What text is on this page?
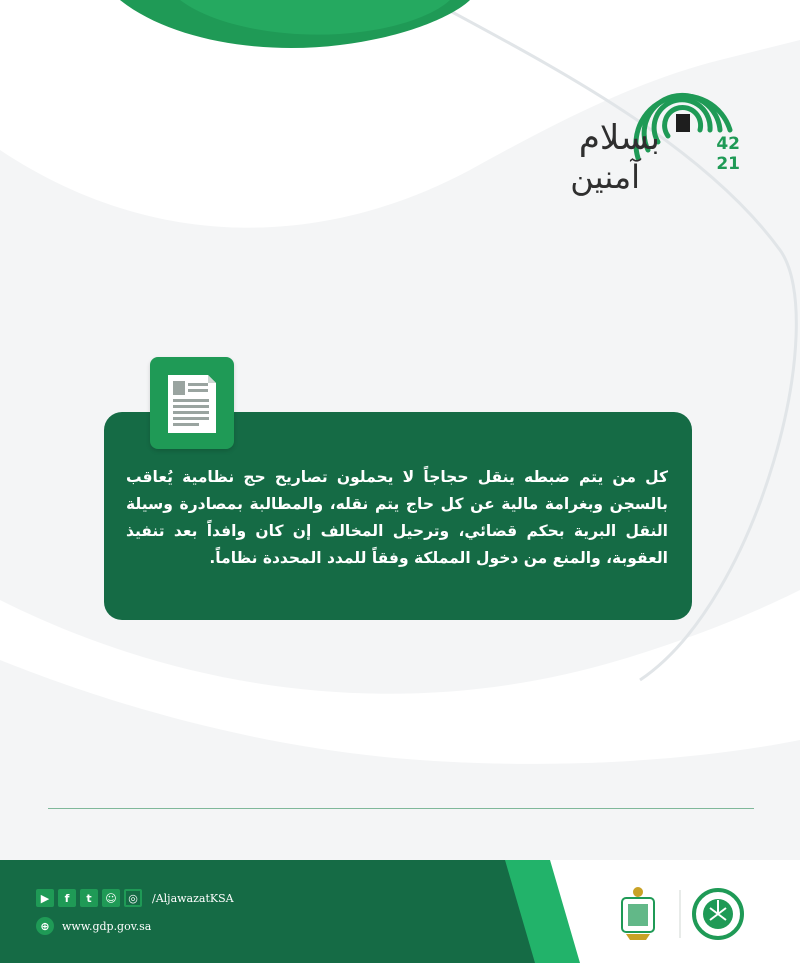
بسلام
آمنين
42
21
كل من يتم ضبطه ينقل حجاجاً لا يحملون تصاريح حج نظامية يُعاقب بالسجن وبغرامة مالية عن كل حاج يتم نقله، والمطالبة بمصادرة وسيلة النقل البرية بحكم قضائي، وترحيل المخالف إن كان وافداً بعد تنفيذ العقوبة، والمنع من دخول المملكة وفقاً للمدد المحددة نظاماً.
▶	f	t	☺	◎	/AljawazatKSA
⊕	www.gdp.gov.sa
